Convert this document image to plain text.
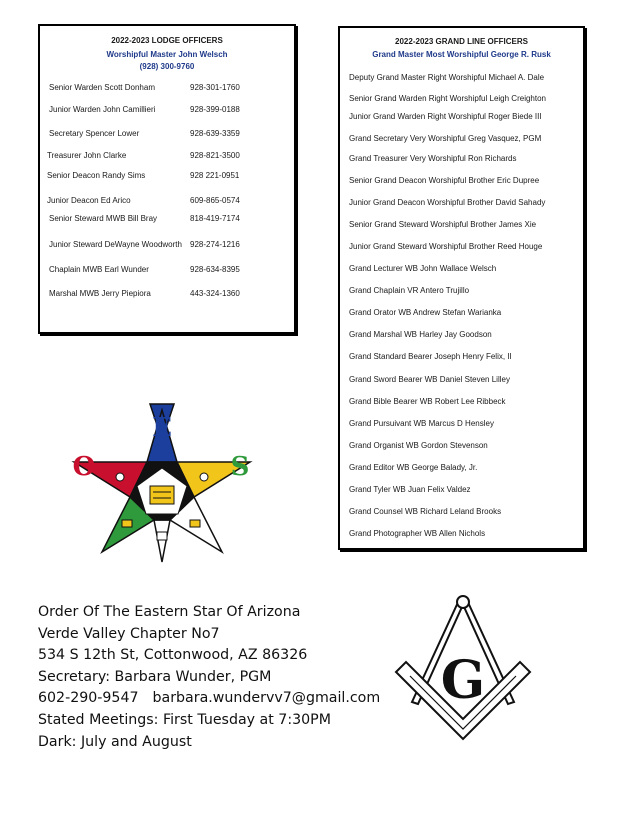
2022-2023 LODGE OFFICERS
Worshipful Master John Welsch
(928) 300-9760
Senior Warden Scott Donham	928-301-1760
Junior Warden John Camillieri	928-399-0188
Secretary Spencer Lower	928-639-3359
Treasurer John Clarke	928-821-3500
Senior Deacon Randy Sims	928 221-0951
Junior Deacon Ed Arico	609-865-0574
Senior Steward MWB Bill Bray	818-419-7174
Junior Steward DeWayne Woodworth 928-274-1216
Chaplain MWB Earl Wunder	928-634-8395
Marshal MWB Jerry Piepiora	443-324-1360
2022-2023 GRAND LINE OFFICERS
Grand Master Most Worshipful George R. Rusk
Deputy Grand Master Right Worshipful Michael A. Dale
Senior Grand Warden Right Worshipful Leigh Creighton
Junior Grand Warden Right Worshipful Roger Biede III
Grand Secretary Very Worshipful Greg Vasquez, PGM
Grand Treasurer Very Worshipful Ron Richards
Senior Grand Deacon Worshipful Brother Eric Dupree
Junior Grand Deacon Worshipful Brother David Sahady
Senior Grand Steward Worshipful Brother James Xie
Junior Grand Steward Worshipful Brother Reed Houge
Grand Lecturer WB John Wallace Welsch
Grand Chaplain VR Antero Trujillo
Grand Orator WB Andrew Stefan Warianka
Grand Marshal WB Harley Jay Goodson
Grand Standard Bearer Joseph Henry Felix, II
Grand Sword Bearer WB Daniel Steven Lilley
Grand Bible Bearer WB Robert Lee Ribbeck
Grand Pursuivant WB Marcus D Hensley
Grand Organist WB Gordon Stevenson
Grand Editor WB George Balady, Jr.
Grand Tyler WB Juan Felix Valdez
Grand Counsel WB Richard Leland Brooks
Grand Photographer WB Allen Nichols
E
O	S
Order Of The Eastern Star Of Arizona
Verde Valley Chapter No7
534 S 12th St, Cottonwood, AZ 86326
Secretary: Barbara Wunder, PGM
602-290-9547 barbara.wundervv7@gmail.com
Stated Meetings: First Tuesday at 7:30PM
Dark: July and August
G
